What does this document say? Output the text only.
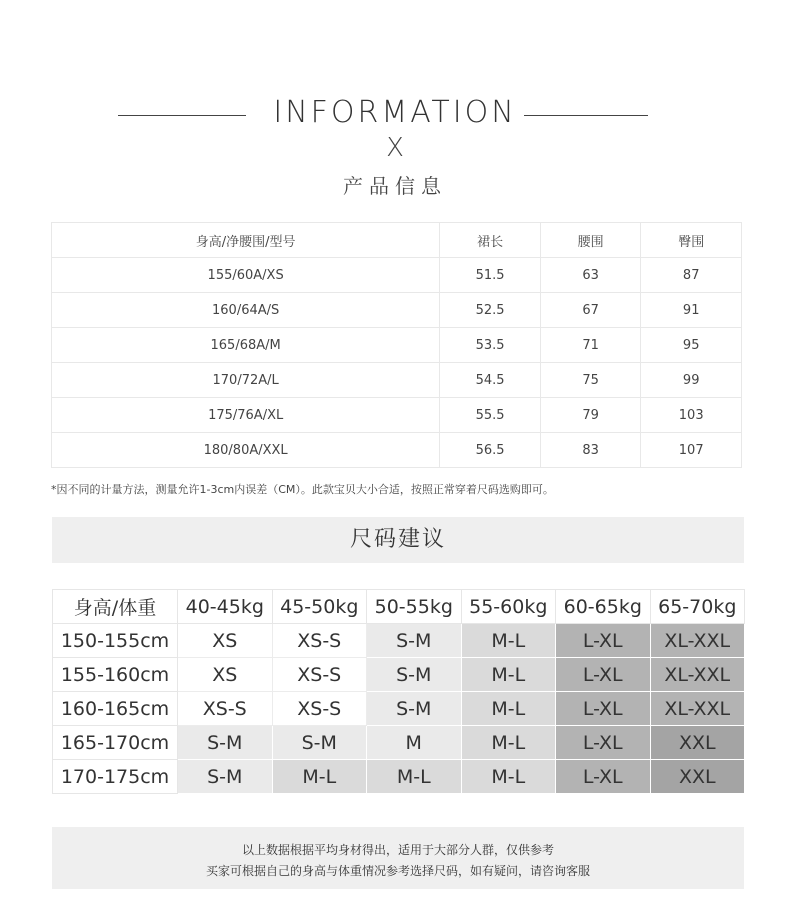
INFORMATION
X
产品信息
身高/净腰围/型号	裙长	腰围	臀围
155/60A/XS	51.5	63	87
160/64A/S	52.5	67	91
165/68A/M	53.5	71	95
170/72A/L	54.5	75	99
175/76A/XL	55.5	79	103
180/80A/XXL	56.5	83	107
*因不同的计量方法，测量允许1-3cm内误差（CM）。此款宝贝大小合适，按照正常穿着尺码选购即可。
尺码建议
身高/体重	40-45kg	45-50kg	50-55kg	55-60kg	60-65kg	65-70kg
150-155cm	XS	XS-S	S-M	M-L	L-XL	XL-XXL
155-160cm	XS	XS-S	S-M	M-L	L-XL	XL-XXL
160-165cm	XS-S	XS-S	S-M	M-L	L-XL	XL-XXL
165-170cm	S-M	S-M	M	M-L	L-XL	XXL
170-175cm	S-M	M-L	M-L	M-L	L-XL	XXL
以上数据根据平均身材得出，适用于大部分人群，仅供参考
买家可根据自己的身高与体重情况参考选择尺码，如有疑问，请咨询客服
